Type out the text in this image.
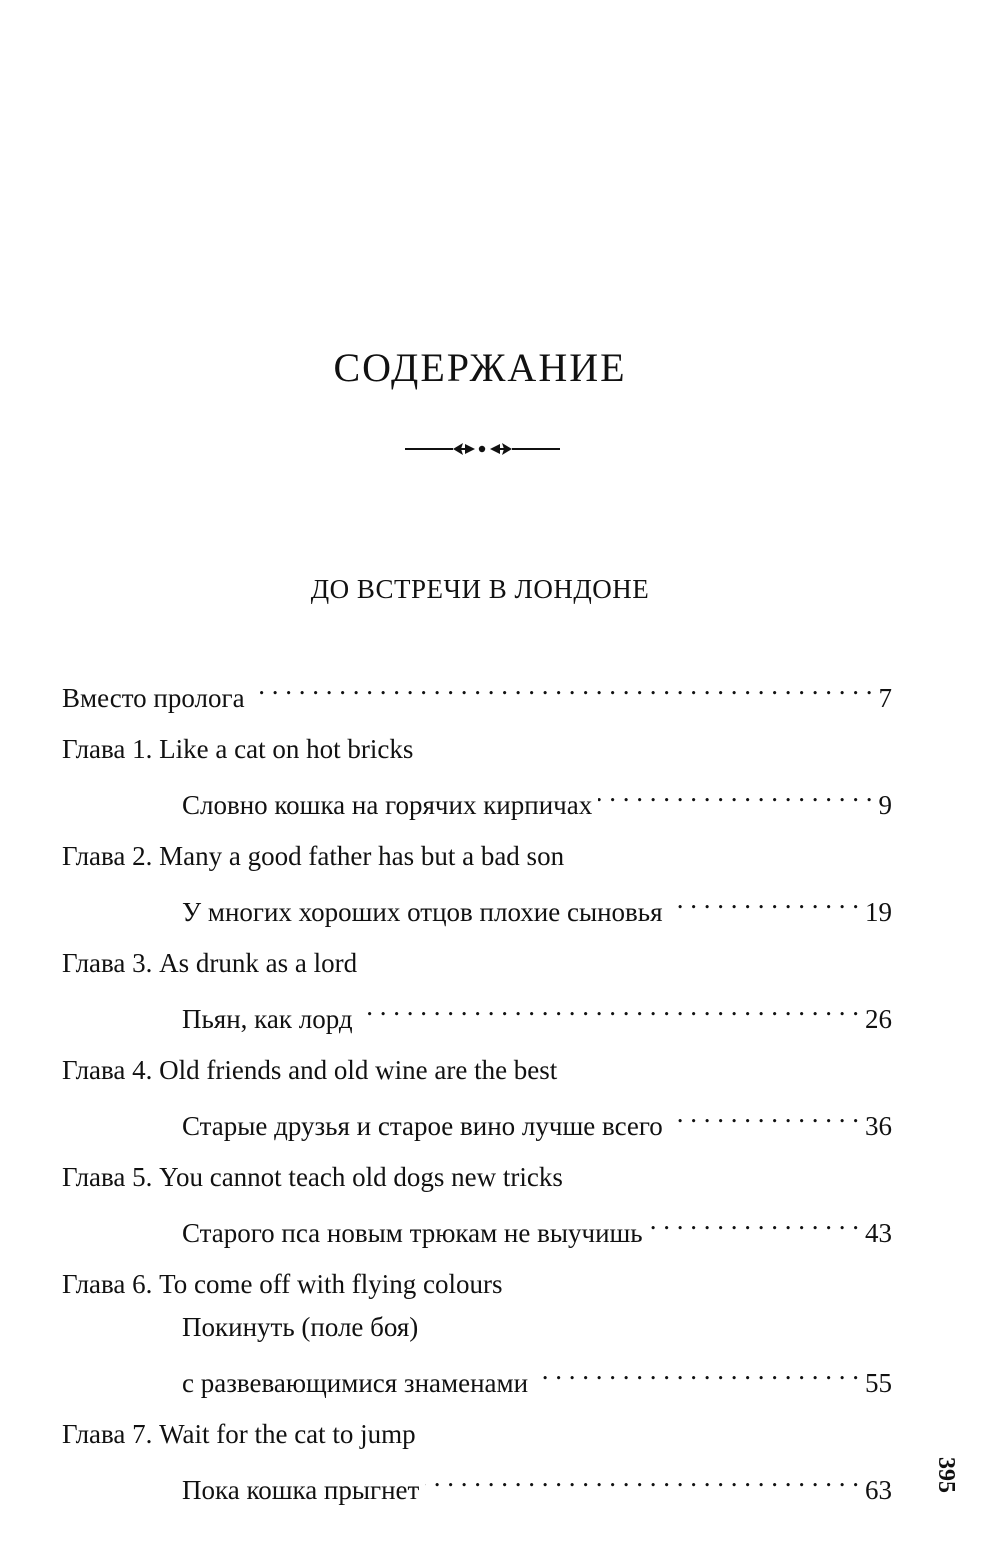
СОДЕРЖАНИЕ
ДО ВСТРЕЧИ В ЛОНДОНЕ
Вместо пролога . . .	7
Глава 1.
Like a cat on hot bricks
Словно кошка на горячих кирпичах . . .	9
Глава 2.
Many a good father has but a bad son
У многих хороших отцов плохие сыновья . . .	19
Глава 3.
As drunk as a lord
Пьян, как лорд . . .	26
Глава 4.
Old friends and old wine are the best
Старые друзья и старое вино лучше всего . . .	36
Глава 5.
You cannot teach old dogs new tricks
Старого пса новым трюкам не выучишь . . .	43
Глава 6.
To come off with flying colours
Покинуть (поле боя)
с развевающимися знаменами . . .	55
Глава 7.
Wait for the cat to jump
Пока кошка прыгнет . . .	63	395
